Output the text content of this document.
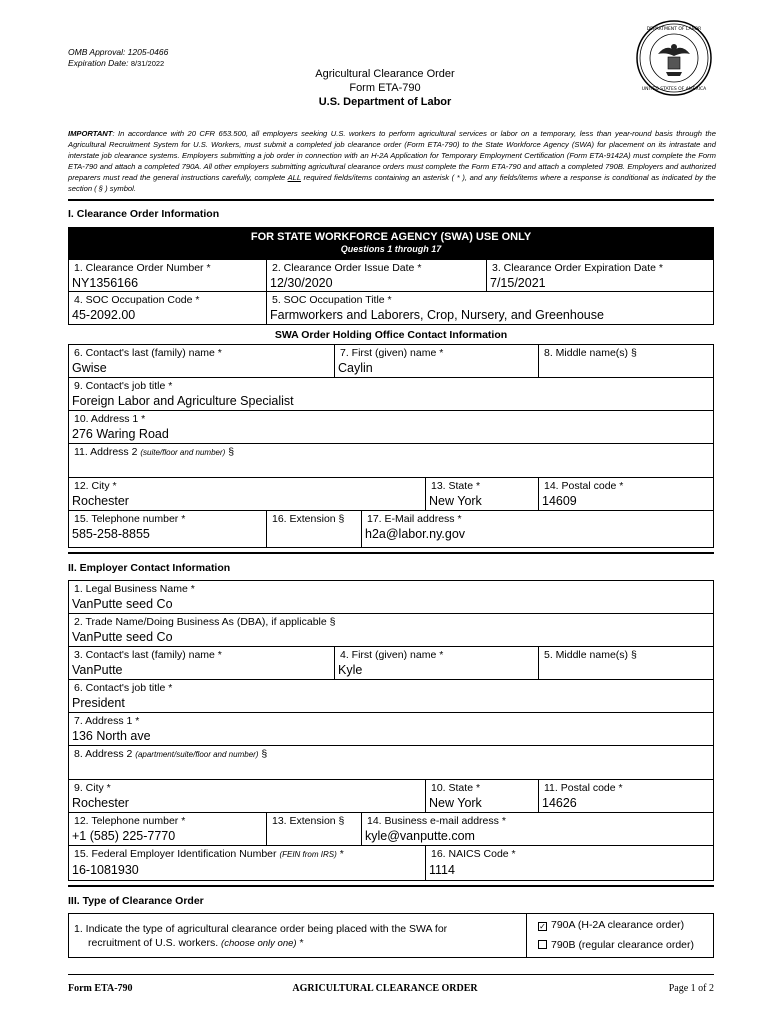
OMB Approval: 1205-0466
Expiration Date: 8/31/2022
DEPARTMENT OF LABOR
UNITED STATES OF AMERICA
Agricultural Clearance Order
Form ETA-790
U.S. Department of Labor
IMPORTANT: In accordance with 20 CFR 653.500, all employers seeking U.S. workers to perform agricultural services or labor on a temporary, less than year-round basis through the Agricultural Recruitment System for U.S. Workers, must submit a completed job clearance order (Form ETA-790) to the State Workforce Agency (SWA) for placement on its intrastate and interstate job clearance systems. Employers submitting a job order in connection with an H-2A Application for Temporary Employment Certification (Form ETA-9142A) must complete the Form ETA-790 and attach a completed 790A. All other employers submitting agricultural clearance orders must complete the Form ETA-790 and attach a completed 790B. Employers and authorized preparers must read the general instructions carefully, complete ALL required fields/items containing an asterisk ( * ), and any fields/items where a response is conditional as indicated by the section ( § ) symbol.
I. Clearance Order Information
FOR STATE WORKFORCE AGENCY (SWA) USE ONLY
Questions 1 through 17
1. Clearance Order Number *
NY1356166
2. Clearance Order Issue Date *
12/30/2020
3. Clearance Order Expiration Date *
7/15/2021
4. SOC Occupation Code *
45-2092.00
5. SOC Occupation Title *
Farmworkers and Laborers, Crop, Nursery, and Greenhouse
SWA Order Holding Office Contact Information
6. Contact's last (family) name *
Gwise
7. First (given) name *
Caylin
8. Middle name(s) §
9. Contact's job title *
Foreign Labor and Agriculture Specialist
10. Address 1 *
276 Waring Road
11. Address 2 (suite/floor and number) §
12. City *
Rochester
13. State *
New York
14. Postal code *
14609
15. Telephone number *
585-258-8855
16. Extension § 17. E-Mail address *
h2a@labor.ny.gov
II. Employer Contact Information
1. Legal Business Name *
VanPutte seed Co
2. Trade Name/Doing Business As (DBA), if applicable §
VanPutte seed Co
3. Contact's last (family) name *
VanPutte
4. First (given) name *
Kyle
5. Middle name(s) §
6. Contact's job title *
President
7. Address 1 *
136 North ave
8. Address 2 (apartment/suite/floor and number) §
9. City *
Rochester
10. State *
New York
11. Postal code *
14626
12. Telephone number *
+1 (585) 225-7770
13. Extension § 14. Business e-mail address *
kyle@vanputte.com
15. Federal Employer Identification Number (FEIN from IRS) *
16-1081930
16. NAICS Code *
1114
III. Type of Clearance Order
1. Indicate the type of agricultural clearance order being placed with the SWA for
recruitment of U.S. workers. (choose only one) *
✓ 790A (H-2A clearance order)
790B (regular clearance order)
Form ETA-790	AGRICULTURAL CLEARANCE ORDER	Page 1 of 2
